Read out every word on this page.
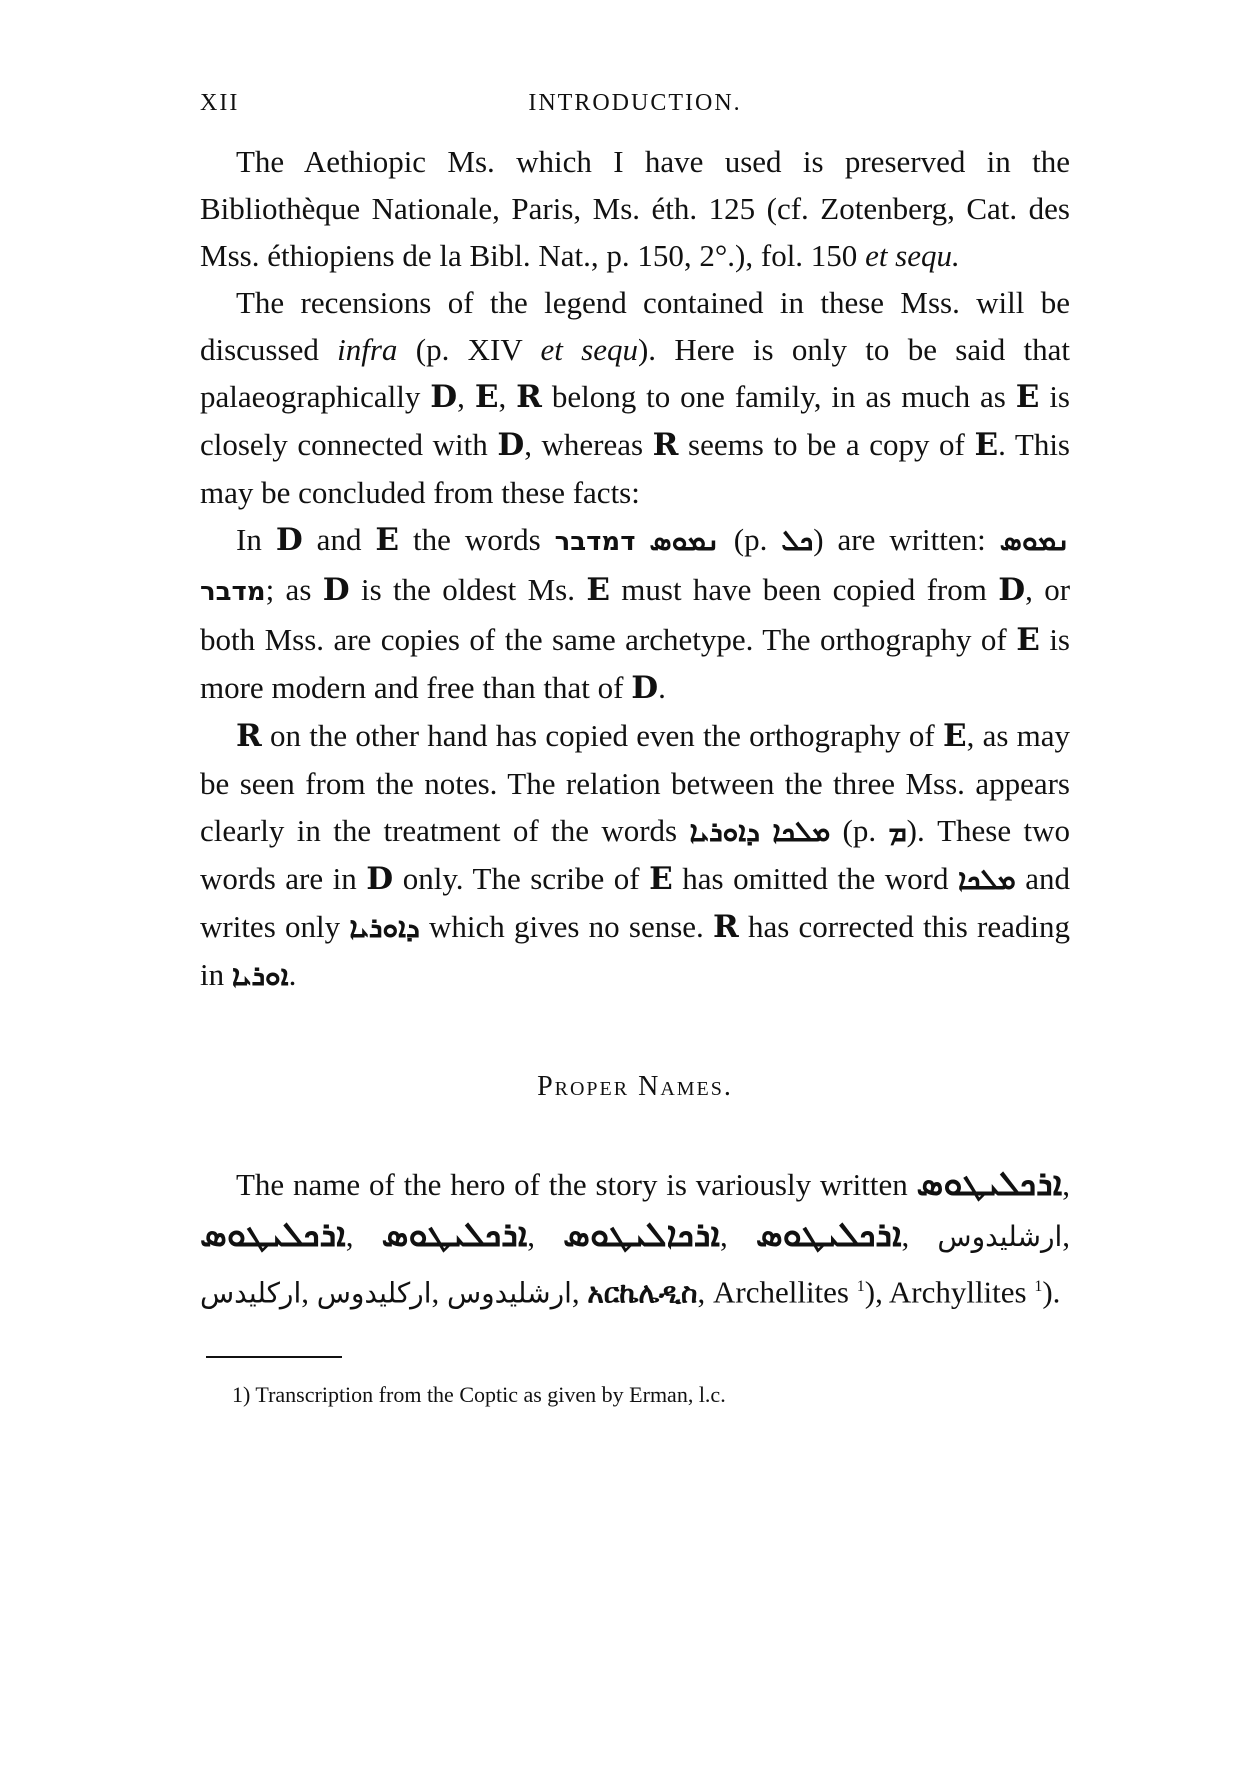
XII	INTRODUCTION.

The Aethiopic Ms. which I have used is preserved in the Bibliothèque Nationale, Paris, Ms. éth. 125 (cf. Zotenberg, Cat. des Mss. éthiopiens de la Bibl. Nat., p. 150, 2°.), fol. 150 et sequ.

The recensions of the legend contained in these Mss. will be discussed infra (p. XIV et sequ). Here is only to be said that palaeographically D, E, R belong to one family, in as much as E is closely connected with D, whereas R seems to be a copy of E. This may be concluded from these facts:

In D and E the words דמדבר ܢܡܘܣ (p. ܟܠ) are written: ܢܡܘܣ מדבר; as D is the oldest Ms. E must have been copied from D, or both Mss. are copies of the same archetype. The orthography of E is more modern and free than that of D.

R on the other hand has copied even the orthography of E, as may be seen from the notes. The relation between the three Mss. appears clearly in the treatment of the words ܕܐܘܪܝܐ ܡܠܟܐ (p. ܡ). These two words are in D only. The scribe of E has omitted the word ܡܠܟܐ and writes only ܕܐܘܪܝܐ which gives no sense. R has corrected this reading in ܐܘܪܝܐ.

Proper Names.

The name of the hero of the story is variously written ܐܪܟܠܝܛܘܣ, ܐܪܟܠܝܛܘܣ, ܐܪܟܠܝܛܘܣ, ܐܪܟܐܠܝܛܘܣ, ܐܪܟܠܝܛܘܣ, ارشليدوس, اركليدس, اركليدوس, ارشليدوس, አርኬሌዲስ, Archellites $^1$), Archyllites $^1$).

1) Transcription from the Coptic as given by Erman, l.c.
